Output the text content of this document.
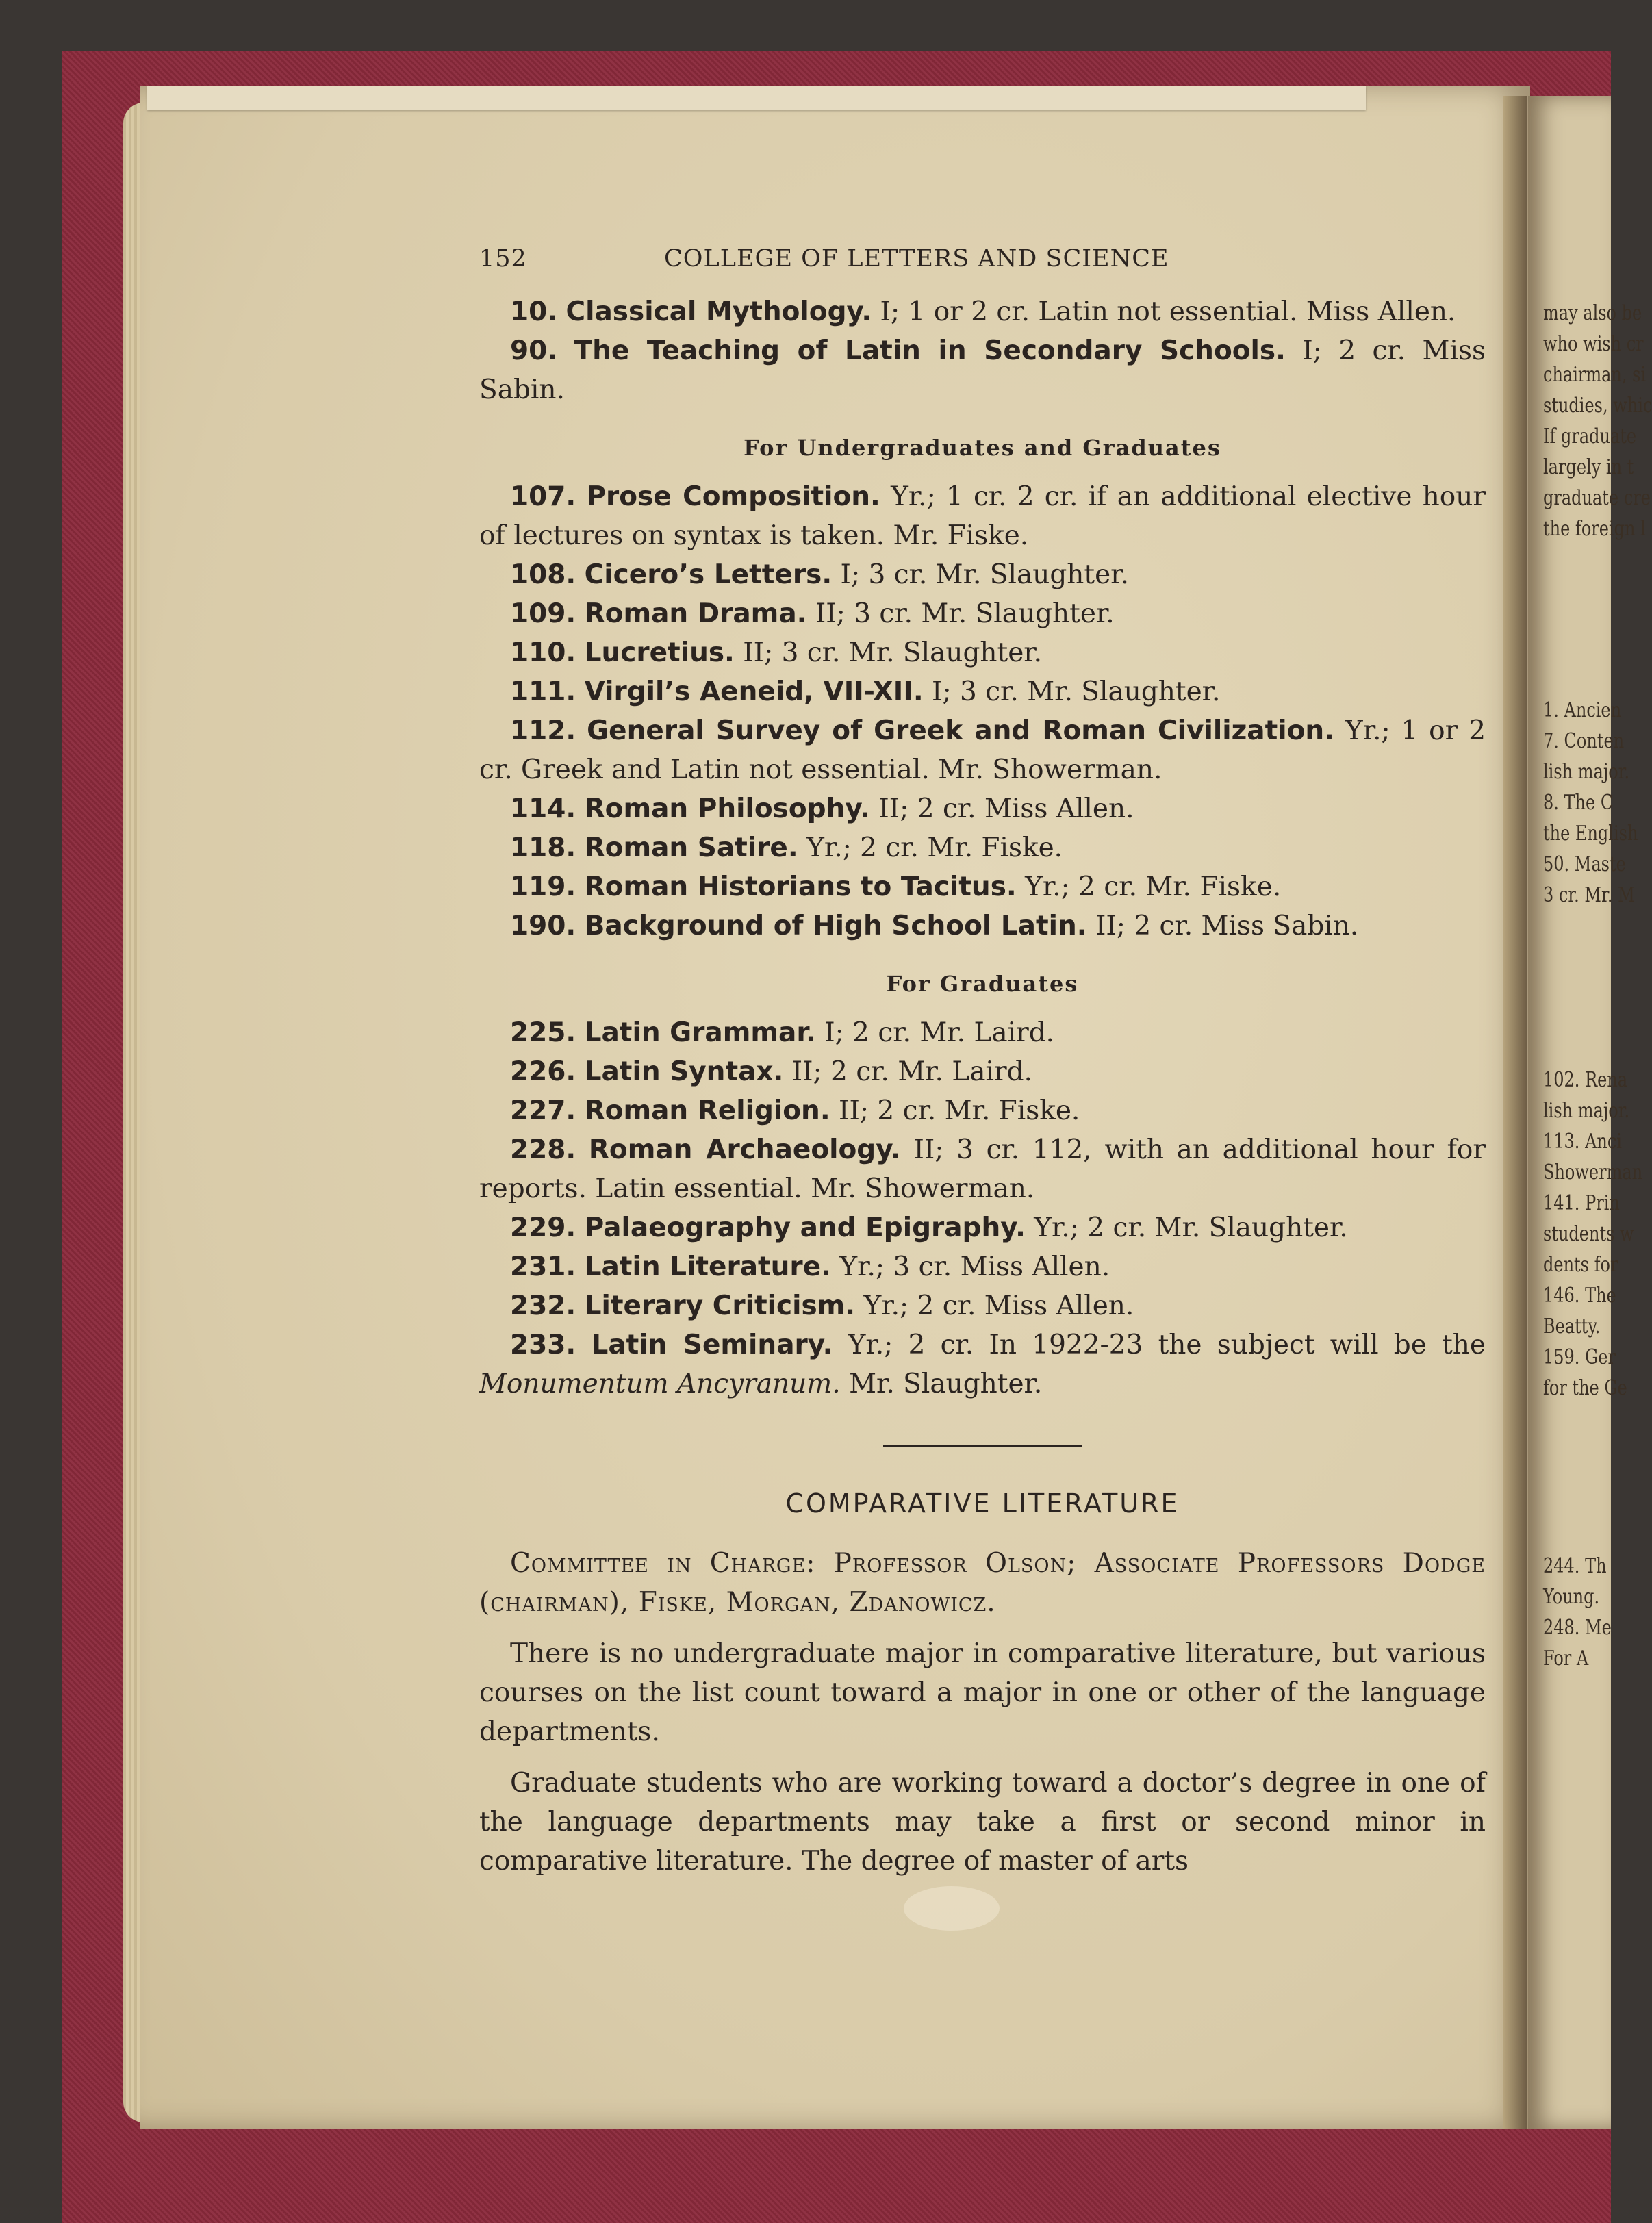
may also be
who wish cr
chairman, si
studies, whic
If graduate
largely in t
graduate cre
the foreign l
1. Ancien
7. Conten
lish major.
8. The C
the English
50. Maste
3 cr. Mr. M
102. Rena
lish major.
113. Anci
Showerman
141. Prin
students w
dents for
146. The
Beatty.
159. Ger
for the Ge
244. Th
Young.
248. Me
For A
152	COLLEGE OF LETTERS AND SCIENCE
10. Classical Mythology. I; 1 or 2 cr. Latin not essential. Miss Allen.
90. The Teaching of Latin in Secondary Schools. I; 2 cr. Miss Sabin.
For Undergraduates and Graduates
107. Prose Composition. Yr.; 1 cr. 2 cr. if an additional elective hour of lectures on syntax is taken. Mr. Fiske.
108. Cicero’s Letters. I; 3 cr. Mr. Slaughter.
109. Roman Drama. II; 3 cr. Mr. Slaughter.
110. Lucretius. II; 3 cr. Mr. Slaughter.
111. Virgil’s Aeneid, VII-XII. I; 3 cr. Mr. Slaughter.
112. General Survey of Greek and Roman Civilization. Yr.; 1 or 2 cr. Greek and Latin not essential. Mr. Showerman.
114. Roman Philosophy. II; 2 cr. Miss Allen.
118. Roman Satire. Yr.; 2 cr. Mr. Fiske.
119. Roman Historians to Tacitus. Yr.; 2 cr. Mr. Fiske.
190. Background of High School Latin. II; 2 cr. Miss Sabin.
For Graduates
225. Latin Grammar. I; 2 cr. Mr. Laird.
226. Latin Syntax. II; 2 cr. Mr. Laird.
227. Roman Religion. II; 2 cr. Mr. Fiske.
228. Roman Archaeology. II; 3 cr. 112, with an additional hour for reports. Latin essential. Mr. Showerman.
229. Palaeography and Epigraphy. Yr.; 2 cr. Mr. Slaughter.
231. Latin Literature. Yr.; 3 cr. Miss Allen.
232. Literary Criticism. Yr.; 2 cr. Miss Allen.
233. Latin Seminary. Yr.; 2 cr. In 1922-23 the subject will be the Monumentum Ancyranum. Mr. Slaughter.
COMPARATIVE LITERATURE
Committee in Charge: Professor Olson; Associate Professors Dodge (chairman), Fiske, Morgan, Zdanowicz.
There is no undergraduate major in comparative literature, but various courses on the list count toward a major in one or other of the language departments.
Graduate students who are working toward a doctor’s degree in one of the language departments may take a first or second minor in comparative literature. The degree of master of arts
